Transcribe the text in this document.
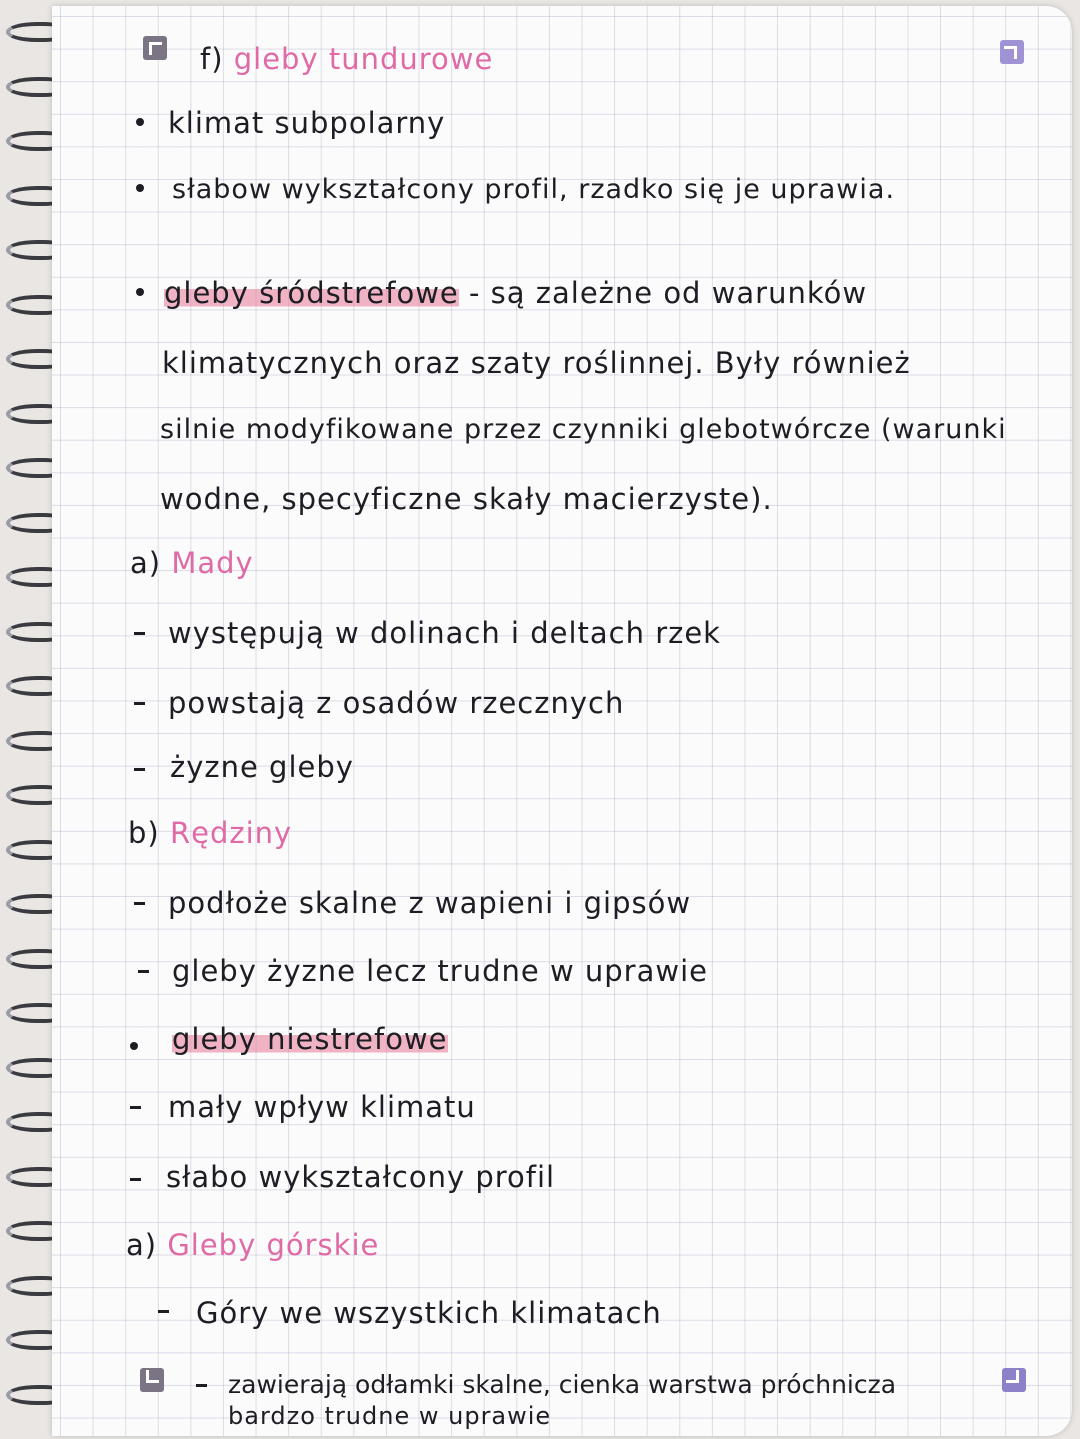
f) gleby tundurowe
klimat subpolarny
słabow wykształcony profil, rzadko się je uprawia.
gleby śródstrefowe - są zależne od warunków
klimatycznych oraz szaty roślinnej. Były również
silnie modyfikowane przez czynniki glebotwórcze (warunki
wodne, specyficzne skały macierzyste).
a) Mady
występują w dolinach i deltach rzek
powstają z osadów rzecznych
żyzne gleby
b) Rędziny
podłoże skalne z wapieni i gipsów
gleby żyzne lecz trudne w uprawie
gleby niestrefowe
mały wpływ klimatu
słabo wykształcony profil
a) Gleby górskie
Góry we wszystkich klimatach
zawierają odłamki skalne, cienka warstwa próchnicza
bardzo trudne w uprawie
